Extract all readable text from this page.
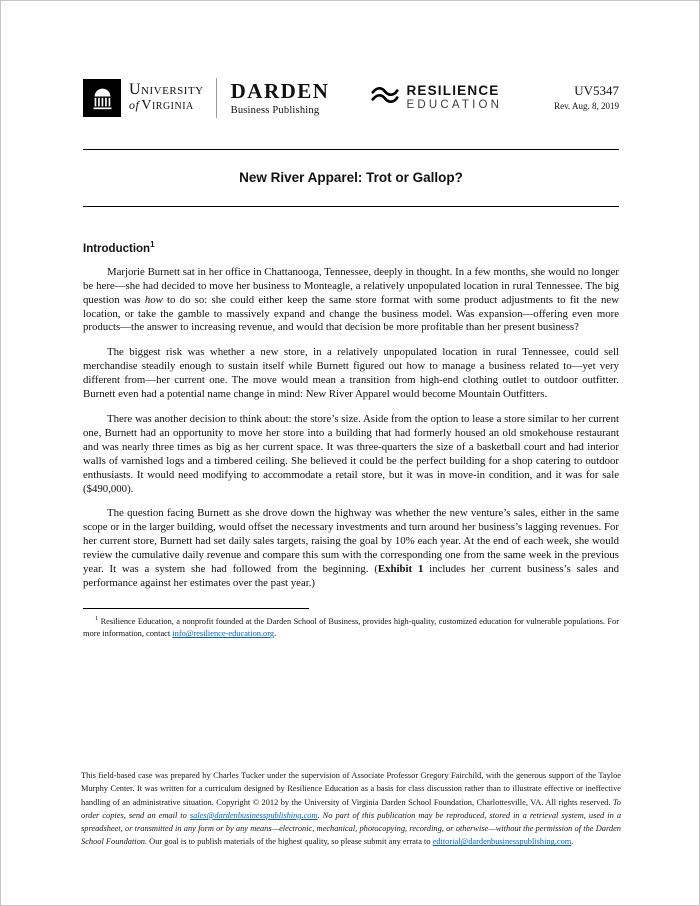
University
of Virginia
DARDEN
Business Publishing
RESILIENCE
EDUCATION
UV5347
Rev. Aug. 8, 2019
New River Apparel: Trot or Gallop?
Introduction$^1$

Marjorie Burnett sat in her office in Chattanooga, Tennessee, deeply in thought. In a few months, she would no longer be here—she had decided to move her business to Monteagle, a relatively unpopulated location in rural Tennessee. The big question was how to do so: she could either keep the same store format with some product adjustments to fit the new location, or take the gamble to massively expand and change the business model. Was expansion—offering even more products—the answer to increasing revenue, and would that decision be more profitable than her present business?

The biggest risk was whether a new store, in a relatively unpopulated location in rural Tennessee, could sell merchandise steadily enough to sustain itself while Burnett figured out how to manage a business related to—yet very different from—her current one. The move would mean a transition from high-end clothing outlet to outdoor outfitter. Burnett even had a potential name change in mind: New River Apparel would become Mountain Outfitters.

There was another decision to think about: the store’s size. Aside from the option to lease a store similar to her current one, Burnett had an opportunity to move her store into a building that had formerly housed an old smokehouse restaurant and was nearly three times as big as her current space. It was three-quarters the size of a basketball court and had interior walls of varnished logs and a timbered ceiling. She believed it could be the perfect building for a shop catering to outdoor enthusiasts. It would need modifying to accommodate a retail store, but it was in move-in condition, and it was for sale ($490,000).

The question facing Burnett as she drove down the highway was whether the new venture’s sales, either in the same scope or in the larger building, would offset the necessary investments and turn around her business’s lagging revenues. For her current store, Burnett had set daily sales targets, raising the goal by 10% each year. At the end of each week, she would review the cumulative daily revenue and compare this sum with the corresponding one from the same week in the previous year. It was a system she had followed from the beginning. (Exhibit 1 includes her current business’s sales and performance against her estimates over the past year.)

$^1$ Resilience Education, a nonprofit founded at the Darden School of Business, provides high-quality, customized education for vulnerable populations. For more information, contact info@resilience-education.org.

This field-based case was prepared by Charles Tucker under the supervision of Associate Professor Gregory Fairchild, with the generous support of the Tayloe Murphy Center. It was written for a curriculum designed by Resilience Education as a basis for class discussion rather than to illustrate effective or ineffective handling of an administrative situation. Copyright © 2012 by the University of Virginia Darden School Foundation, Charlottesville, VA. All rights reserved. To order copies, send an email to sales@dardenbusinesspublishing.com. No part of this publication may be reproduced, stored in a retrieval system, used in a spreadsheet, or transmitted in any form or by any means—electronic, mechanical, photocopying, recording, or otherwise—without the permission of the Darden School Foundation. Our goal is to publish materials of the highest quality, so please submit any errata to editorial@dardenbusinesspublishing.com.
